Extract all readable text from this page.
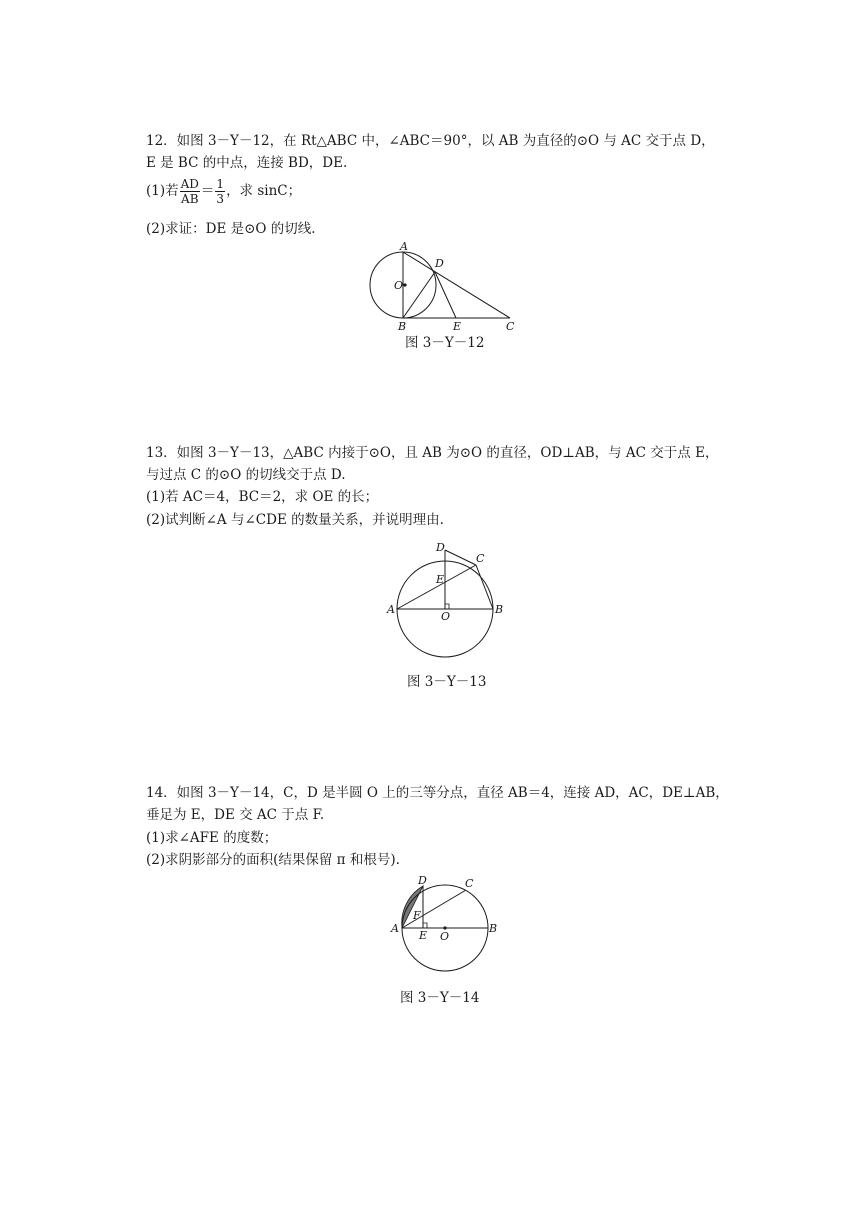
12．如图 3－Y－12，在 Rt△ABC 中，∠ABC＝90°，以 AB 为直径的⊙O 与 AC 交于点 D，
E 是 BC 的中点，连接 BD，DE.
(1)若 $\frac{AD}{AB} = \frac{1}{3}$ ，求 sinC；
(2)求证：DE 是⊙O 的切线.
A
D
O
B	E	C
图 3－Y－12
13．如图 3－Y－13，△ABC 内接于⊙O，且 AB 为⊙O 的直径，OD⊥AB，与 AC 交于点 E，
与过点 C 的⊙O 的切线交于点 D.
(1)若 AC＝4，BC＝2，求 OE 的长；
(2)试判断∠A 与∠CDE 的数量关系，并说明理由.
D
C
E
A
O
B
图 3－Y－13
14．如图 3－Y－14，C，D 是半圆 O 上的三等分点，直径 AB＝4，连接 AD，AC，DE⊥AB，
垂足为 E，DE 交 AC 于点 F.
(1)求∠AFE 的度数；
(2)求阴影部分的面积(结果保留 π 和根号).
D	C
F
A
E O
B
图 3－Y－14
